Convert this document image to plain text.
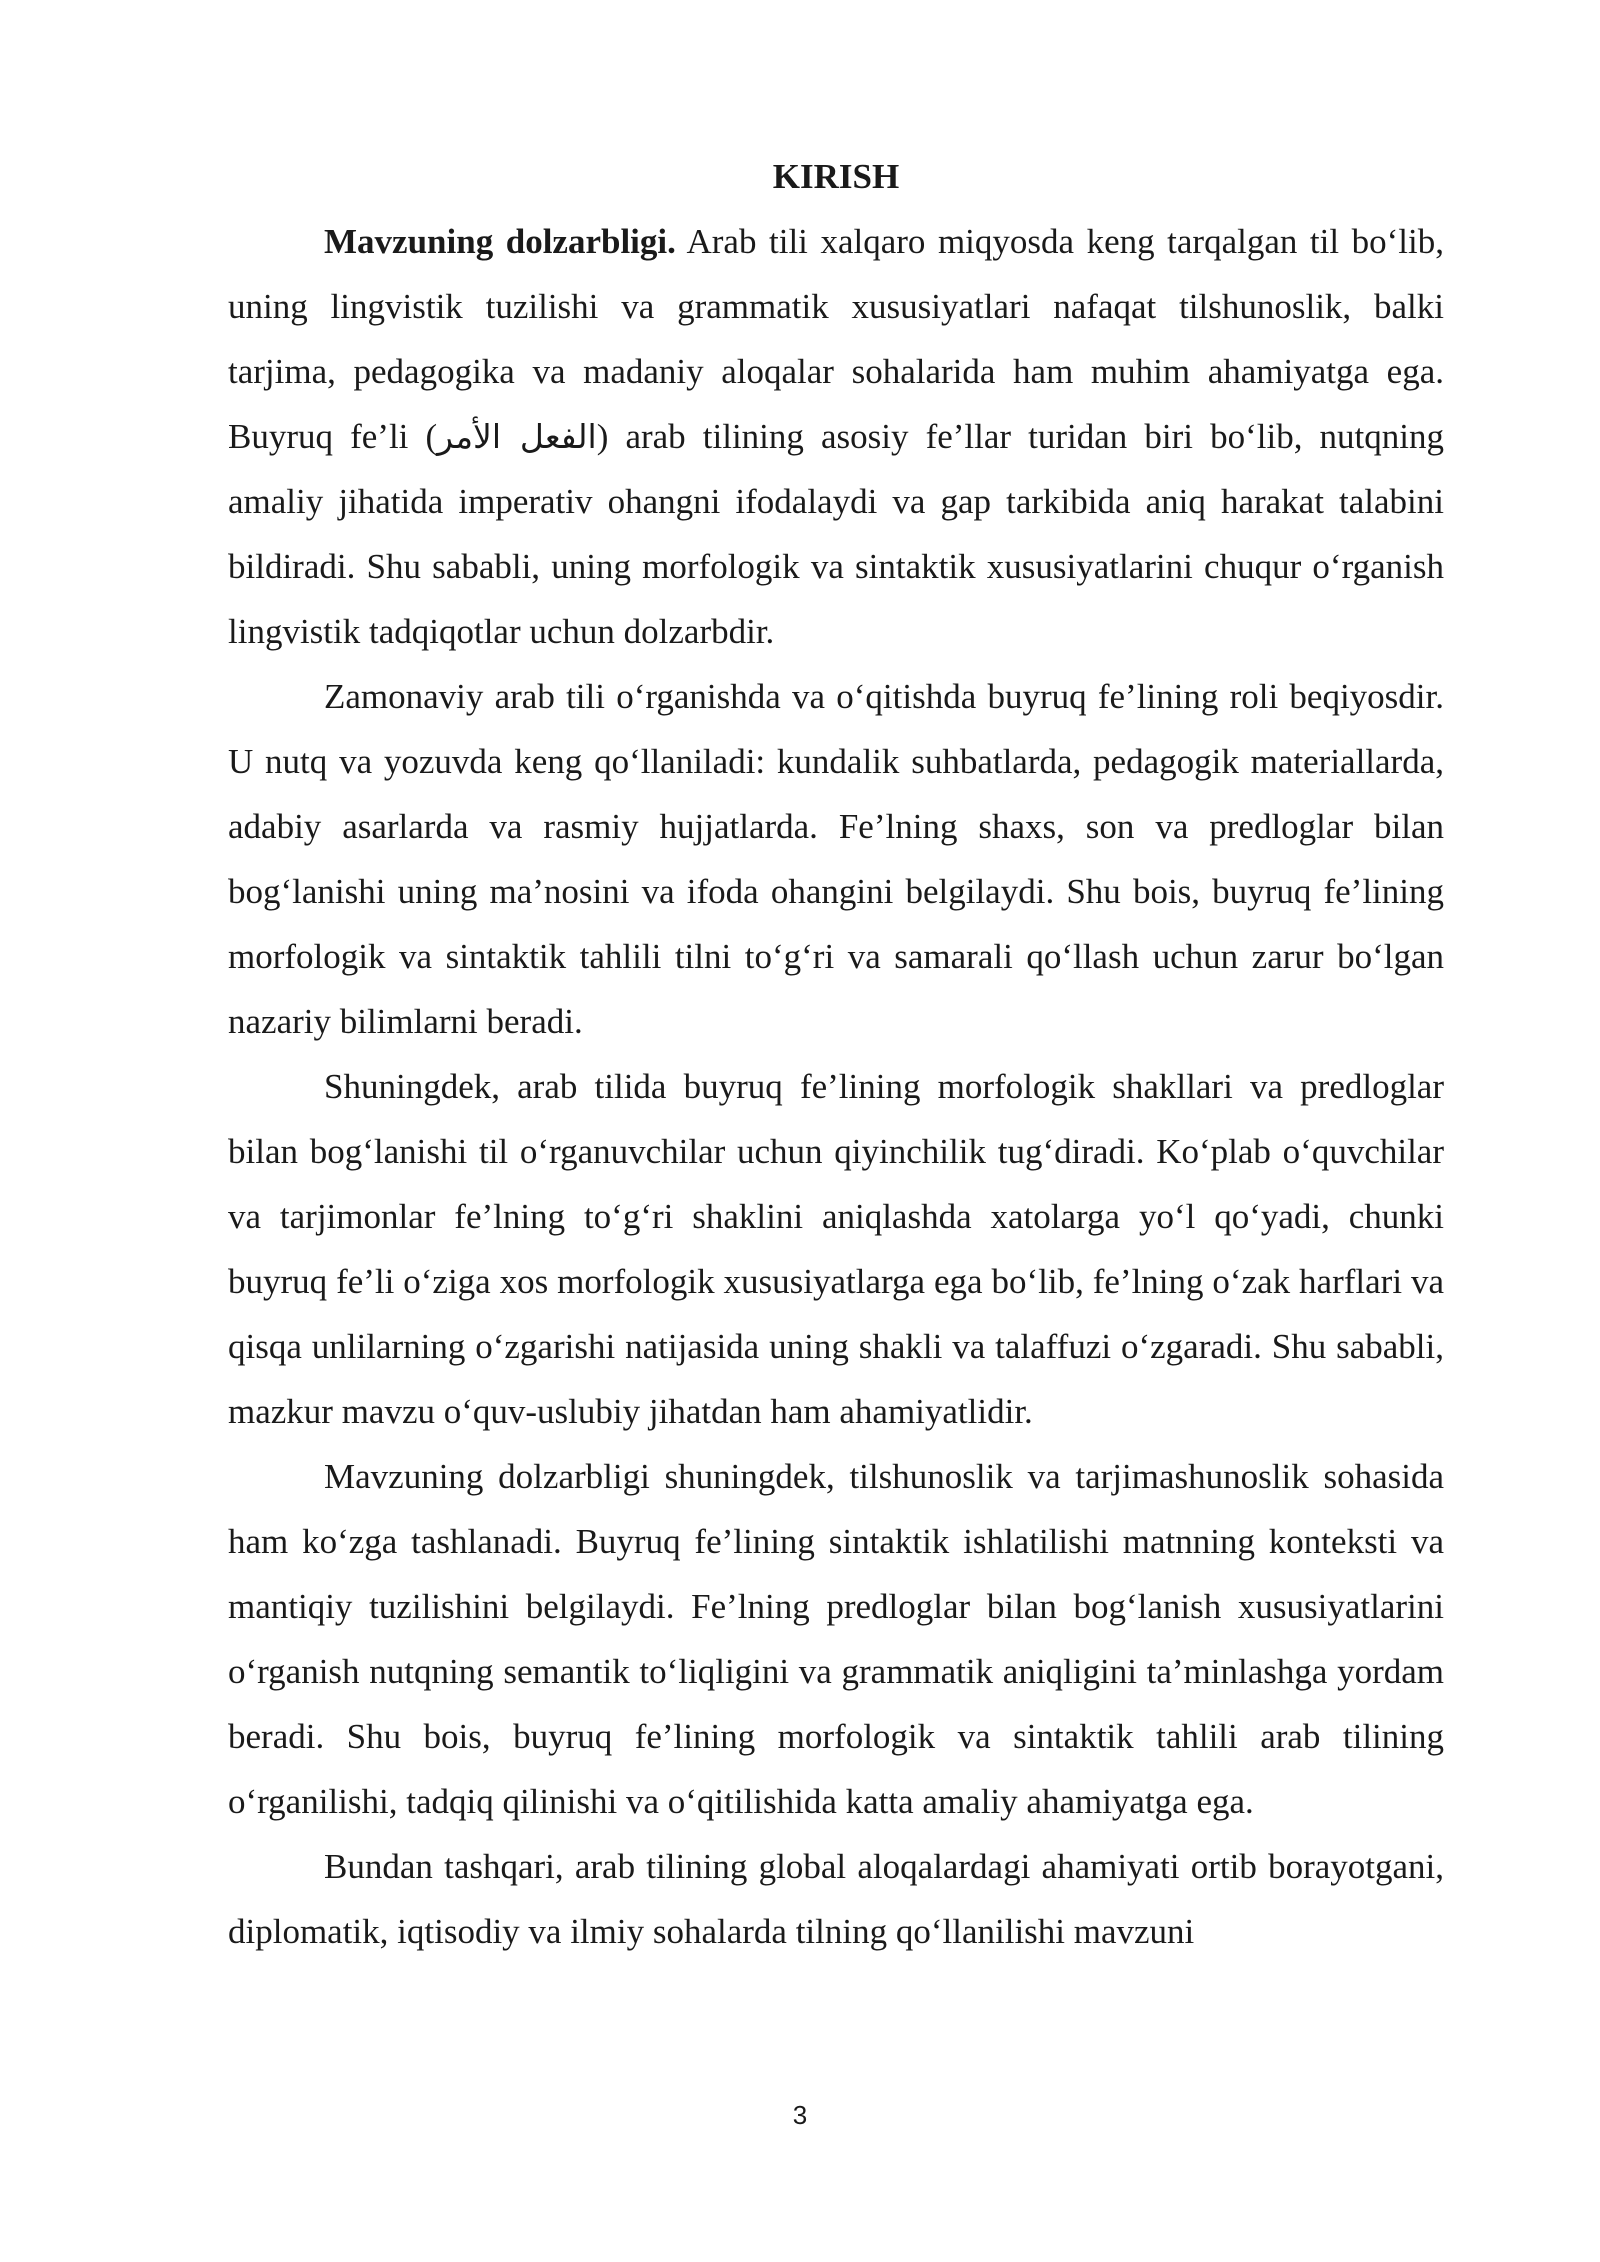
KIRISH

Mavzuning dolzarbligi. Arab tili xalqaro miqyosda keng tarqalgan til bo‘lib, uning lingvistik tuzilishi va grammatik xususiyatlari nafaqat tilshunoslik, balki tarjima, pedagogika va madaniy aloqalar sohalarida ham muhim ahamiyatga ega. Buyruq fe’li (الفعل الأمر) arab tilining asosiy fe’llar turidan biri bo‘lib, nutqning amaliy jihatida imperativ ohangni ifodalaydi va gap tarkibida aniq harakat talabini bildiradi. Shu sababli, uning morfologik va sintaktik xususiyatlarini chuqur o‘rganish lingvistik tadqiqotlar uchun dolzarbdir.

Zamonaviy arab tili o‘rganishda va o‘qitishda buyruq fe’lining roli beqiyosdir. U nutq va yozuvda keng qo‘llaniladi: kundalik suhbatlarda, pedagogik materiallarda, adabiy asarlarda va rasmiy hujjatlarda. Fe’lning shaxs, son va predloglar bilan bog‘lanishi uning ma’nosini va ifoda ohangini belgilaydi. Shu bois, buyruq fe’lining morfologik va sintaktik tahlili tilni to‘g‘ri va samarali qo‘llash uchun zarur bo‘lgan nazariy bilimlarni beradi.

Shuningdek, arab tilida buyruq fe’lining morfologik shakllari va predloglar bilan bog‘lanishi til o‘rganuvchilar uchun qiyinchilik tug‘diradi. Ko‘plab o‘quvchilar va tarjimonlar fe’lning to‘g‘ri shaklini aniqlashda xatolarga yo‘l qo‘yadi, chunki buyruq fe’li o‘ziga xos morfologik xususiyatlarga ega bo‘lib, fe’lning o‘zak harflari va qisqa unlilarning o‘zgarishi natijasida uning shakli va talaffuzi o‘zgaradi. Shu sababli, mazkur mavzu o‘quv-uslubiy jihatdan ham ahamiyatlidir.

Mavzuning dolzarbligi shuningdek, tilshunoslik va tarjimashunoslik sohasida ham ko‘zga tashlanadi. Buyruq fe’lining sintaktik ishlatilishi matnning konteksti va mantiqiy tuzilishini belgilaydi. Fe’lning predloglar bilan bog‘lanish xususiyatlarini o‘rganish nutqning semantik to‘liqligini va grammatik aniqligini ta’minlashga yordam beradi. Shu bois, buyruq fe’lining morfologik va sintaktik tahlili arab tilining o‘rganilishi, tadqiq qilinishi va o‘qitilishida katta amaliy ahamiyatga ega.

Bundan tashqari, arab tilining global aloqalardagi ahamiyati ortib borayotgani, diplomatik, iqtisodiy va ilmiy sohalarda tilning qo‘llanilishi mavzuni

3
